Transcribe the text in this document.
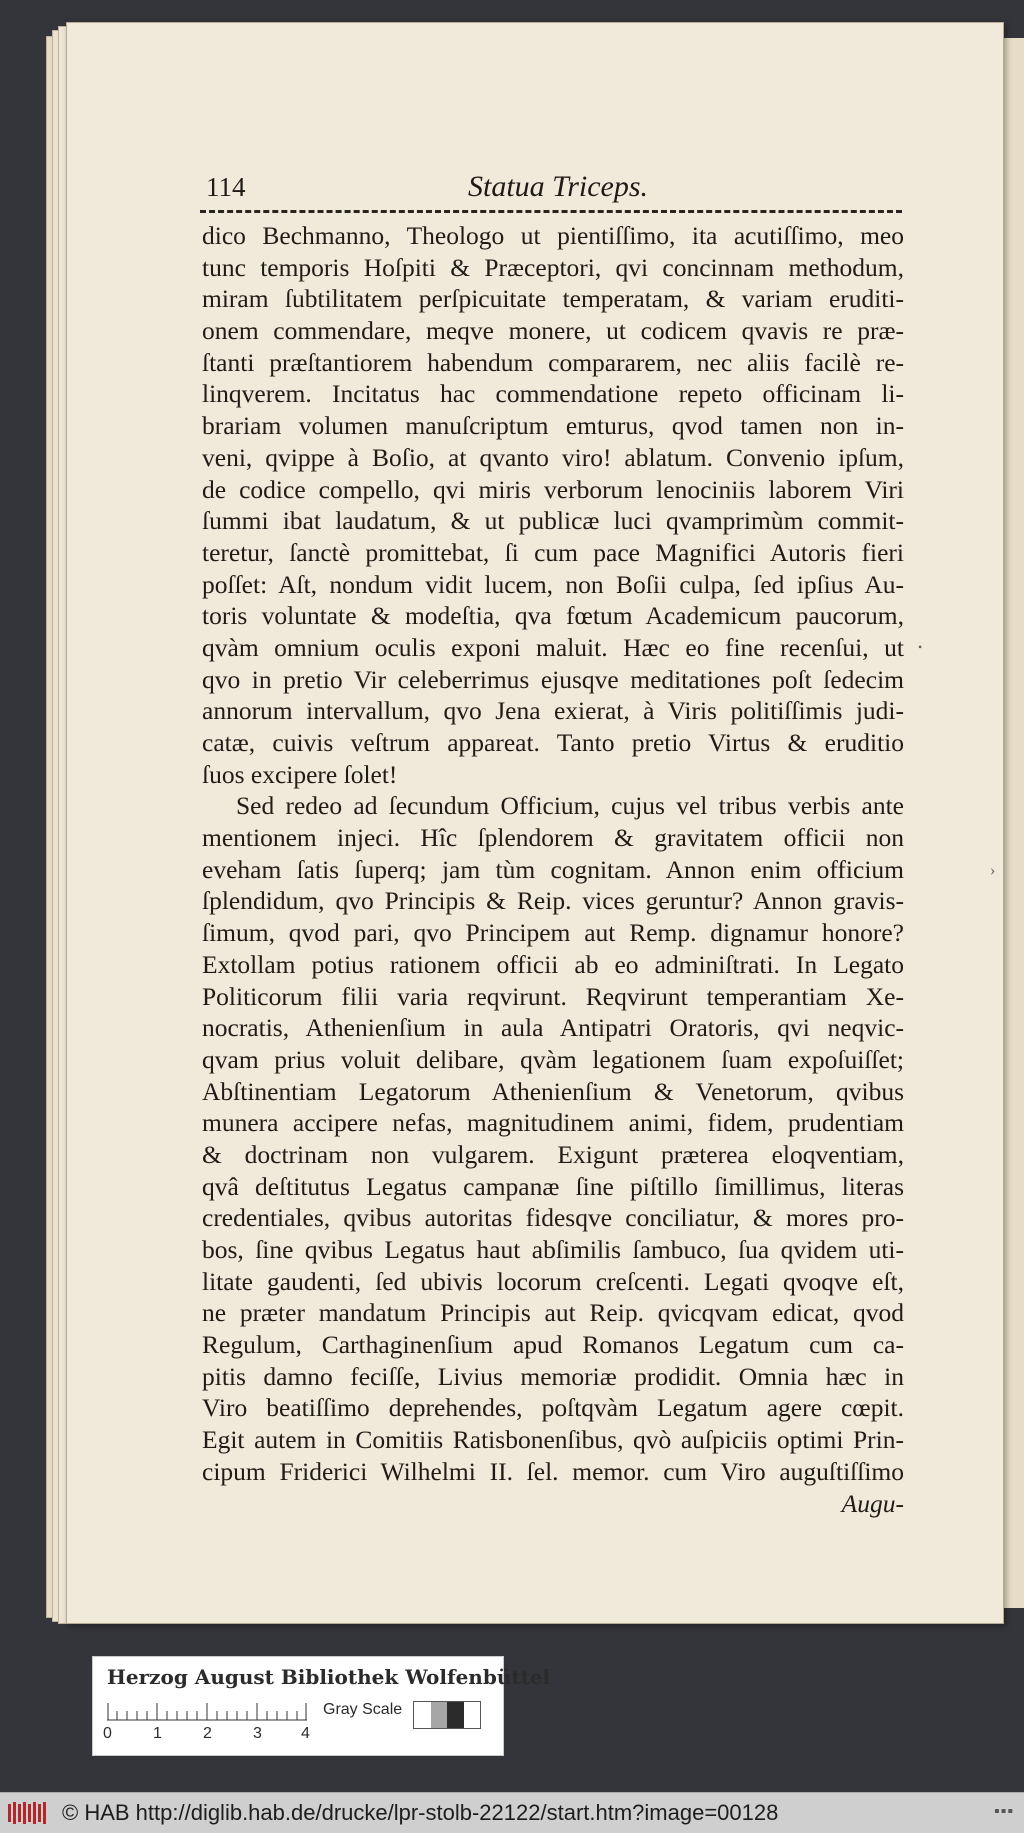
114	Statua Triceps.
dico Bechmanno, Theologo ut pientiſſimo, ita acutiſſimo, meo
tunc temporis Hoſpiti & Præceptori, qvi concinnam methodum,
miram ſubtilitatem perſpicuitate temperatam, & variam eruditi-
onem commendare, meqve monere, ut codicem qvavis re præ-
ſtanti præſtantiorem habendum compararem, nec aliis facilè re-
linqverem. Incitatus hac commendatione repeto officinam li-
brariam volumen manuſcriptum emturus, qvod tamen non in-
veni, qvippe à Boſio, at qvanto viro! ablatum. Convenio ipſum,
de codice compello, qvi miris verborum lenociniis laborem Viri
ſummi ibat laudatum, & ut publicæ luci qvamprimùm commit-
teretur, ſanctè promittebat, ſi cum pace Magnifici Autoris fieri
poſſet: Aſt, nondum vidit lucem, non Boſii culpa, ſed ipſius Au-
toris voluntate & modeſtia, qva fœtum Academicum paucorum,
qvàm omnium oculis exponi maluit. Hæc eo fine recenſui, ut
qvo in pretio Vir celeberrimus ejusqve meditationes poſt ſedecim
annorum intervallum, qvo Jena exierat, à Viris politiſſimis judi-
catæ, cuivis veſtrum appareat. Tanto pretio Virtus & eruditio
ſuos excipere ſolet!
Sed redeo ad ſecundum Officium, cujus vel tribus verbis ante
mentionem injeci. Hîc ſplendorem & gravitatem officii non
eveham ſatis ſuperq; jam tùm cognitam. Annon enim officium
ſplendidum, qvo Principis & Reip. vices geruntur? Annon gravis-
ſimum, qvod pari, qvo Principem aut Remp. dignamur honore?
Extollam potius rationem officii ab eo adminiſtrati. In Legato
Politicorum filii varia reqvirunt. Reqvirunt temperantiam Xe-
nocratis, Athenienſium in aula Antipatri Oratoris, qvi neqvic-
qvam prius voluit delibare, qvàm legationem ſuam expoſuiſſet;
Abſtinentiam Legatorum Athenienſium & Venetorum, qvibus
munera accipere nefas, magnitudinem animi, fidem, prudentiam
& doctrinam non vulgarem. Exigunt præterea eloqventiam,
qvâ deſtitutus Legatus campanæ ſine piſtillo ſimillimus, literas
credentiales, qvibus autoritas fidesqve conciliatur, & mores pro-
bos, ſine qvibus Legatus haut abſimilis ſambuco, ſua qvidem uti-
litate gaudenti, ſed ubivis locorum creſcenti. Legati qvoqve eſt,
ne præter mandatum Principis aut Reip. qvicqvam edicat, qvod
Regulum, Carthaginenſium apud Romanos Legatum cum ca-
pitis damno feciſſe, Livius memoriæ prodidit. Omnia hæc in
Viro beatiſſimo deprehendes, poſtqvàm Legatum agere cœpit.
Egit autem in Comitiis Ratisbonenſibus, qvò auſpiciis optimi Prin-
cipum Friderici Wilhelmi II. ſel. memor. cum Viro auguſtiſſimo
Augu-
•
›
Herzog August Bibliothek Wolfenbüttel
Gray Scale
0	1	2	3 4
© HAB http://diglib.hab.de/drucke/lpr-stolb-22122/start.htm?image=00128	▪▪▪
